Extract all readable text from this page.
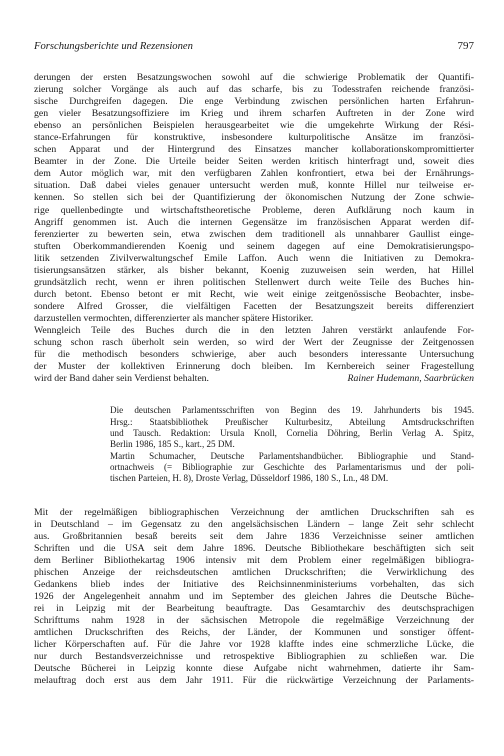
Forschungsberichte und Rezensionen	797
derungen der ersten Besatzungswochen sowohl auf die schwierige Problematik der Quantifi-
zierung solcher Vorgänge als auch auf das scharfe, bis zu Todesstrafen reichende französi-
sische Durchgreifen dagegen. Die enge Verbindung zwischen persönlichen harten Erfahrun-
gen vieler Besatzungsoffiziere im Krieg und ihrem scharfen Auftreten in der Zone wird
ebenso an persönlichen Beispielen herausgearbeitet wie die umgekehrte Wirkung der Rési-
stance-Erfahrungen für konstruktive, insbesondere kulturpolitische Ansätze im französi-
schen Apparat und der Hintergrund des Einsatzes mancher kollaborationskompromittierter
Beamter in der Zone. Die Urteile beider Seiten werden kritisch hinterfragt und, soweit dies
dem Autor möglich war, mit den verfügbaren Zahlen konfrontiert, etwa bei der Ernährungs-
situation. Daß dabei vieles genauer untersucht werden muß, konnte Hillel nur teilweise er-
kennen. So stellen sich bei der Quantifizierung der ökonomischen Nutzung der Zone schwie-
rige quellenbedingte und wirtschaftstheoretische Probleme, deren Aufklärung noch kaum in
Angriff genommen ist. Auch die internen Gegensätze im französischen Apparat werden dif-
ferenzierter zu bewerten sein, etwa zwischen dem traditionell als unnahbarer Gaullist einge-
stuften Oberkommandierenden Koenig und seinem dagegen auf eine Demokratisierungspo-
litik setzenden Zivilverwaltungschef Emile Laffon. Auch wenn die Initiativen zu Demokra-
tisierungsansätzen stärker, als bisher bekannt, Koenig zuzuweisen sein werden, hat Hillel
grundsätzlich recht, wenn er ihren politischen Stellenwert durch weite Teile des Buches hin-
durch betont. Ebenso betont er mit Recht, wie weit einige zeitgenössische Beobachter, insbe-
sondere Alfred Grosser, die vielfältigen Facetten der Besatzungszeit bereits differenziert
darzustellen vermochten, differenzierter als mancher spätere Historiker.
Wenngleich Teile des Buches durch die in den letzten Jahren verstärkt anlaufende For-
schung schon rasch überholt sein werden, so wird der Wert der Zeugnisse der Zeitgenossen
für die methodisch besonders schwierige, aber auch besonders interessante Untersuchung
der Muster der kollektiven Erinnerung doch bleiben. Im Kernbereich seiner Fragestellung
wird der Band daher sein Verdienst behalten.	Rainer Hudemann, Saarbrücken

Die deutschen Parlamentsschriften von Beginn des 19. Jahrhunderts bis 1945.
Hrsg.: Staatsbibliothek Preußischer Kulturbesitz, Abteilung Amtsdruckschriften
und Tausch. Redaktion: Ursula Knoll, Cornelia Döhring, Berlin Verlag A. Spitz,
Berlin 1986, 185 S., kart., 25 DM.

Martin Schumacher, Deutsche Parlamentshandbücher. Bibliographie und Stand-
ortnachweis (= Bibliographie zur Geschichte des Parlamentarismus und der poli-
tischen Parteien, H. 8), Droste Verlag, Düsseldorf 1986, 180 S., Ln., 48 DM.

Mit der regelmäßigen bibliographischen Verzeichnung der amtlichen Druckschriften sah es
in Deutschland – im Gegensatz zu den angelsächsischen Ländern – lange Zeit sehr schlecht
aus. Großbritannien besaß bereits seit dem Jahre 1836 Verzeichnisse seiner amtlichen
Schriften und die USA seit dem Jahre 1896. Deutsche Bibliothekare beschäftigten sich seit
dem Berliner Bibliothekartag 1906 intensiv mit dem Problem einer regelmäßigen bibliogra-
phischen Anzeige der reichsdeutschen amtlichen Druckschriften; die Verwirklichung des
Gedankens blieb indes der Initiative des Reichsinnenministeriums vorbehalten, das sich
1926 der Angelegenheit annahm und im September des gleichen Jahres die Deutsche Büche-
rei in Leipzig mit der Bearbeitung beauftragte. Das Gesamtarchiv des deutschsprachigen
Schrifttums nahm 1928 in der sächsischen Metropole die regelmäßige Verzeichnung der
amtlichen Druckschriften des Reichs, der Länder, der Kommunen und sonstiger öffent-
licher Körperschaften auf. Für die Jahre vor 1928 klaffte indes eine schmerzliche Lücke, die
nur durch Bestandsverzeichnisse und retrospektive Bibliographien zu schließen war. Die
Deutsche Bücherei in Leipzig konnte diese Aufgabe nicht wahrnehmen, datierte ihr Sam-
melauftrag doch erst aus dem Jahr 1911. Für die rückwärtige Verzeichnung der Parlaments-
